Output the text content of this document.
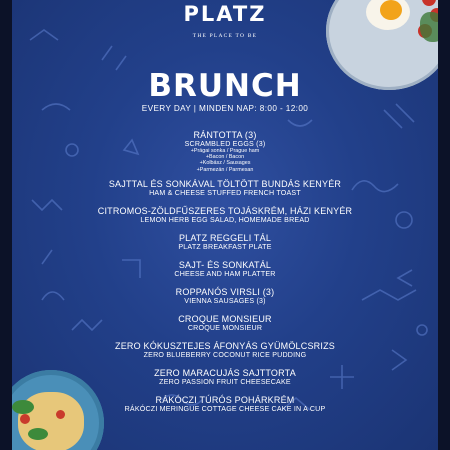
PLATZ
THE PLACE TO BE
BRUNCH
EVERY DAY | MINDEN NAP: 8:00 - 12:00
RÁNTOTTA (3)
SCRAMBLED EGGS (3)
+Prágai sonka / Prague ham
+Bacon / Bacon
+Kolbász / Sausages
+Parmezán / Parmesan
SAJTTAL ÉS SONKÁVAL TÖLTÖTT BUNDÁS KENYÉR
HAM & CHEESE STUFFED FRENCH TOAST
CITROMOS-ZÖLDFŰSZERES TOJÁSKRÉM, HÁZI KENYÉR
LEMON HERB EGG SALAD, HOMEMADE BREAD
PLATZ REGGELI TÁL
PLATZ BREAKFAST PLATE
SAJT- ÉS SONKATÁL
CHEESE AND HAM PLATTER
ROPPANÓS VIRSLI (3)
VIENNA SAUSAGES (3)
CROQUE MONSIEUR
CROQUE MONSIEUR
ZERO KÓKUSZTEJES ÁFONYÁS GYÜMÖLCSRIZS
ZERO BLUEBERRY COCONUT RICE PUDDING
ZERO MARACUJÁS SAJTTORTA
ZERO PASSION FRUIT CHEESECAKE
RÁKÓCZI TÚRÓS POHÁRKRÉM
RÁKÓCZI MERINGUE COTTAGE CHEESE CAKE IN A CUP
